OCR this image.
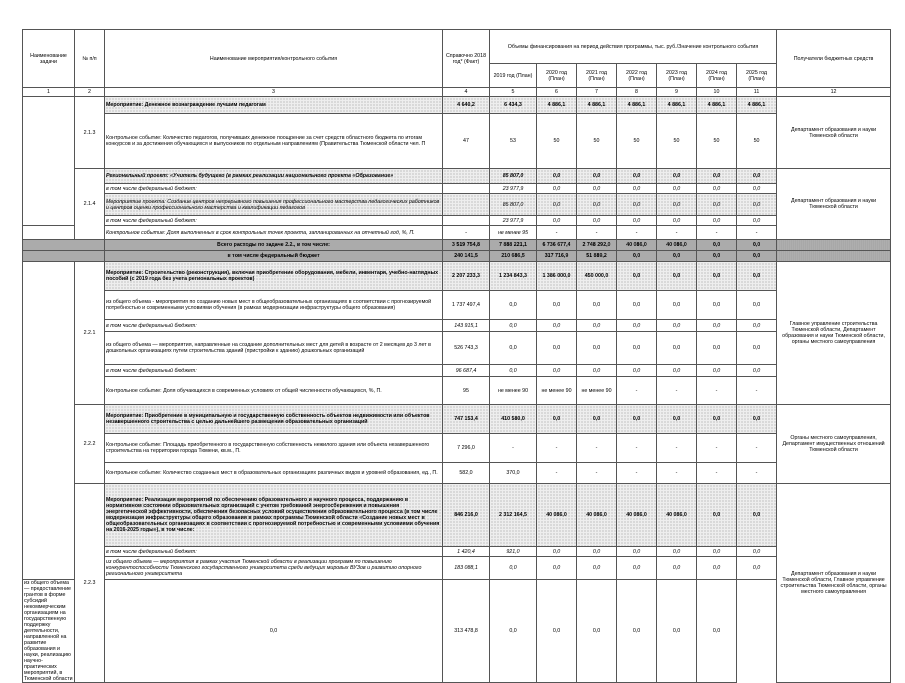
Наименование задачи	№ п/п	Наименование мероприятия/контрольного события	Справочно 2018 год* (Факт)	Объемы финансирования на период действия программы, тыс. руб./Значение контрольного события							Получатели бюджетных средств
				2019 год (План)	2020 год (План)	2021 год (План)	2022 год (План)	2023 год (План)	2024 год (План)	2025 год (План)	
1	2	3	4	5	6	7	8	9	10	11	12
	2.1.3	Мероприятие: Денежное вознаграждение лучшим педагогам	4 640,2	6 434,3	4 886,1	4 886,1	4 886,1	4 886,1	4 886,1	4 886,1	Департамент образования и науки Тюменской области
		Контрольное событие: Количество педагогов, получивших денежное поощрение за счет средств областного бюджета по итогам конкурсов и за достижения обучающихся и выпускников по отдельным направлениям (Правительства Тюменской области чел. П	47	53	50	50	50	50	50	50	
	2.1.4	Региональный проект: «Учитель будущего (в рамках реализации национального проекта «Образование»		85 807,0	0,0	0,0	0,0	0,0	0,0	0,0	Департамент образования и науки Тюменской области
		в том числе федеральный бюджет:		23 977,9	0,0	0,0	0,0	0,0	0,0	0,0	
		Мероприятие проекта: Создание центров непрерывного повышения профессионального мастерства педагогических работников и центров оценки профессионального мастерства и квалификации педагогов		85 807,0	0,0	0,0	0,0	0,0	0,0	0,0	
		в том числе федеральный бюджет:		23 977,9	0,0	0,0	0,0	0,0	0,0	0,0	
		Контрольное событие: Доля выполненных в срок контрольных точек проекта, запланированных на отчетный год, %, П.	-	не менее 95	-	-	-	-	-	-	
		Всего расходы по задаче 2.2., в том числе:	3 519 754,8	7 888 221,1	6 736 677,4	2 748 292,0	40 086,0	40 086,0	0,0	0,0	
		в том числе федеральный бюджет	240 141,5	210 686,5	317 716,9	51 889,2	0,0	0,0	0,0	0,0	
	2.2.1	Мероприятие: Строительство (реконструкция), включая приобретение оборудования, мебели, инвентаря, учебно-наглядных пособий (с 2019 года без учета региональных проектов)	2 207 233,3	1 234 843,3	1 386 000,0	450 000,0	0,0	0,0	0,0	0,0	Главное управление строительства Тюменской области, Департамент образования и науки Тюменской области, органы местного самоуправления
		из общего объема - мероприятия по созданию новых мест в общеобразовательных организациях в соответствии с прогнозируемой потребностью и современными условиями обучения (в рамках модернизации инфраструктуры общего образования)	1 737 497,4	0,0	0,0	0,0	0,0	0,0	0,0	0,0	
		в том числе федеральный бюджет:	143 915,1	0,0	0,0	0,0	0,0	0,0	0,0	0,0	
		из общего объема — мероприятия, направленные на создание дополнительных мест для детей в возрасте от 2 месяцев до 3 лет в дошкольных организациях путем строительства зданий (пристройки к зданию) дошкольных организаций	526 743,3	0,0	0,0	0,0	0,0	0,0	0,0	0,0	
		в том числе федеральный бюджет:	96 687,4	0,0	0,0	0,0	0,0	0,0	0,0	0,0	
		Контрольное событие: Доля обучающихся в современных условиях от общей численности обучающихся, %, П.	95	не менее 90	не менее 90	не менее 90	-	-	-	-	
	2.2.2	Мероприятие: Приобретение в муниципальную и государственную собственность объектов недвижимости или объектов незавершенного строительства с целью дальнейшего размещения образовательных организаций	747 153,4	410 580,0	0,0	0,0	0,0	0,0	0,0	0,0	Органы местного самоуправления, Департамент имущественных отношений Тюменской области
		Контрольное событие: Площадь приобретенного в государственную собственность нежилого здания или объекта незавершенного строительства на территории города Тюмени, кв.м., П.	7 296,0	-	-	-	-	-	-	-	
		Контрольное событие: Количество созданных мест в образовательных организациях различных видов и уровней образования, ед., П.	582,0	370,0	-	-	-	-	-	-	
	2.2.3	Мероприятие: Реализация мероприятий по обеспечению образовательного и научного процесса, поддержанию в нормативном состоянии образовательных организаций с учетом требований энергосбережения и повышения энергетической эффективности, обеспечения безопасных условий осуществления образовательного процесса (в том числе модернизация инфраструктуры общего образования в рамках программы Тюменской области «Создание новых мест в общеобразовательных организациях в соответствии с прогнозируемой потребностью и современными условиями обучения на 2016-2025 годы»), в том числе:	846 216,0	2 312 164,5	40 086,0	40 086,0	40 086,0	40 086,0	0,0	0,0	Департамент образования и науки Тюменской области, Главное управление строительства Тюменской области, органы местного самоуправления
		в том числе федеральный бюджет:	1 420,4	921,0	0,0	0,0	0,0	0,0	0,0	0,0	
		из общего объема — мероприятия в рамках участия Тюменской области в реализации программ по повышению конкурентоспособности Тюменского государственного университета среди ведущих мировых ВУЗов и развитию опорного регионального университета	183 088,1	0,0	0,0	0,0	0,0	0,0	0,0	0,0	
из общего объема — предоставление грантов в форме субсидий некоммерческим организациям на государственную поддержку деятельности, направленной на развитие образования и науки, реализацию научно-практических мероприятий, в Тюменской области		0,0	313 478,8	0,0	0,0	0,0	0,0	0,0	0,0		
